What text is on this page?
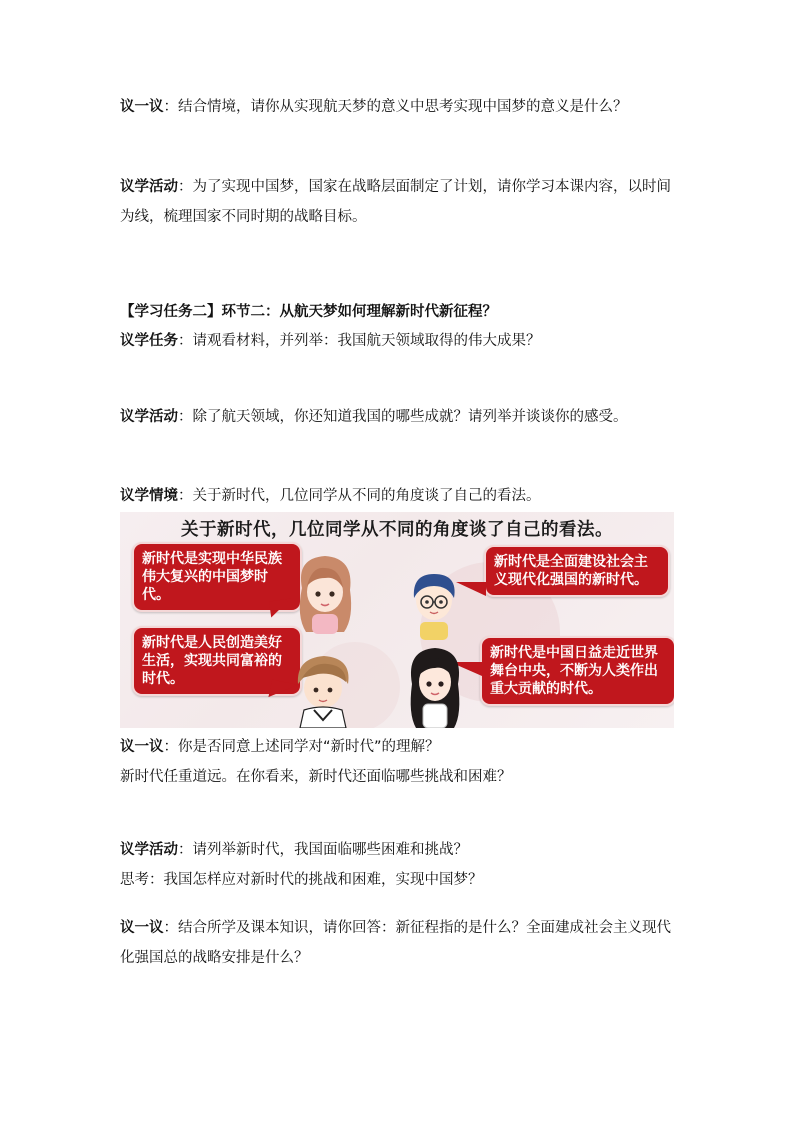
议一议：结合情境，请你从实现航天梦的意义中思考实现中国梦的意义是什么？

议学活动：为了实现中国梦，国家在战略层面制定了计划，请你学习本课内容，以时间为线，梳理国家不同时期的战略目标。

【学习任务二】环节二：从航天梦如何理解新时代新征程？

议学任务：请观看材料，并列举：我国航天领域取得的伟大成果？

议学活动：除了航天领域，你还知道我国的哪些成就？请列举并谈谈你的感受。

议学情境：关于新时代，几位同学从不同的角度谈了自己的看法。

关于新时代，几位同学从不同的角度谈了自己的看法。
新时代是实现中华民族伟大复兴的中国梦时代。
新时代是全面建设社会主义现代化强国的新时代。
新时代是人民创造美好生活，实现共同富裕的时代。
新时代是中国日益走近世界舞台中央，不断为人类作出重大贡献的时代。

议一议：你是否同意上述同学对“新时代”的理解？
新时代任重道远。在你看来，新时代还面临哪些挑战和困难？

议学活动：请列举新时代，我国面临哪些困难和挑战？
思考：我国怎样应对新时代的挑战和困难，实现中国梦？

议一议：结合所学及课本知识，请你回答：新征程指的是什么？全面建成社会主义现代化强国总的战略安排是什么？
